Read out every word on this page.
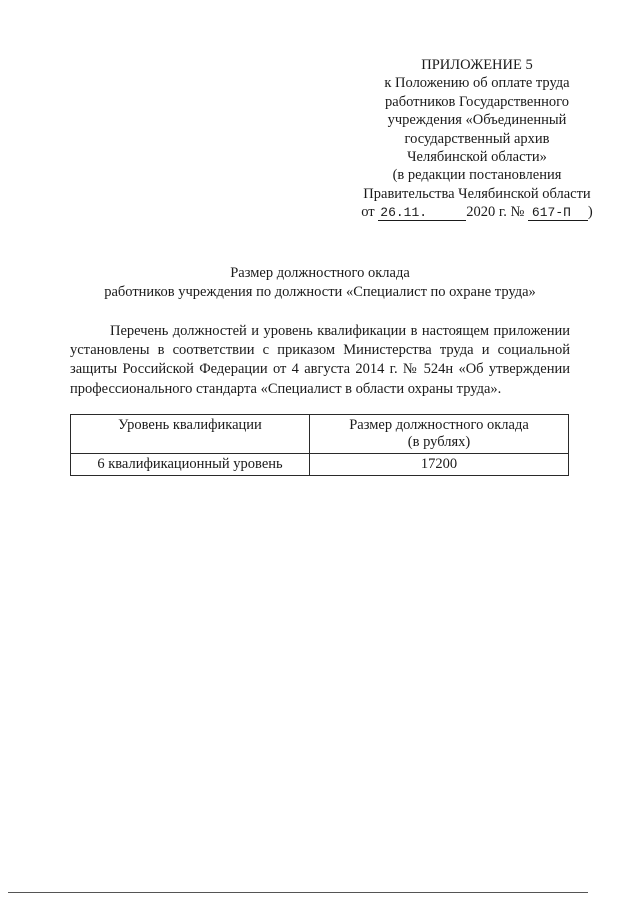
ПРИЛОЖЕНИЕ 5
к Положению об оплате труда
работников Государственного
учреждения «Объединенный
государственный архив
Челябинской области»
(в редакции постановления
Правительства Челябинской области
от 26.11.	2020 г. № 617-П )
Размер должностного оклада
работников учреждения по должности «Специалист по охране труда»
Перечень должностей и уровень квалификации в настоящем приложении установлены в соответствии с приказом Министерства труда и социальной защиты Российской Федерации от 4 августа 2014 г. № 524н «Об утверждении профессионального стандарта «Специалист в области охраны труда».
Уровень квалификации	Размер должностного оклада
(в рублях)

6 квалификационный уровень	17200
